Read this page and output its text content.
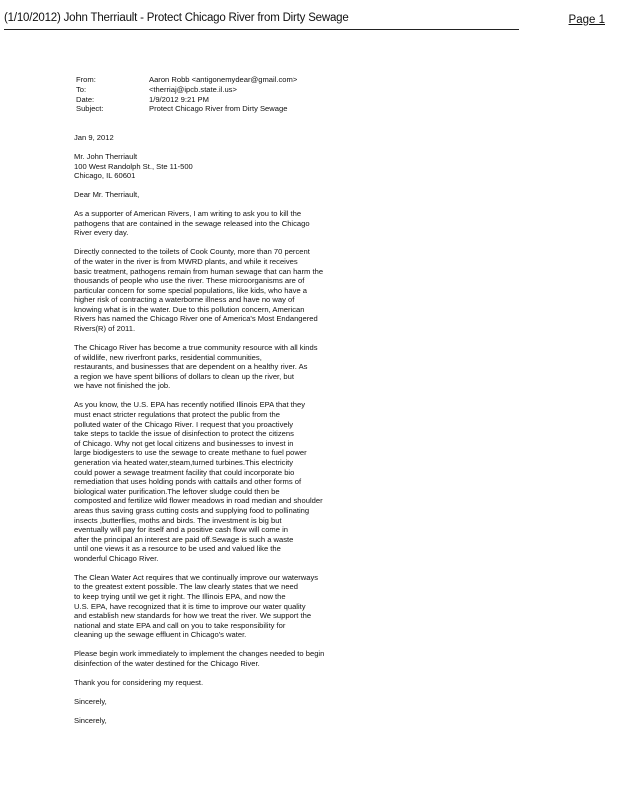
(1/10/2012) John Therriault - Protect Chicago River from Dirty Sewage	Page 1
From:	Aaron Robb <antigonemydear@gmail.com>
To:	<therriaj@ipcb.state.il.us>
Date:	1/9/2012 9:21 PM
Subject:	Protect Chicago River from Dirty Sewage

Jan 9, 2012

Mr. John Therriault
100 West Randolph St., Ste 11-500
Chicago, IL 60601

Dear Mr. Therriault,

As a supporter of American Rivers, I am writing to ask you to kill the
pathogens that are contained in the sewage released into the Chicago
River every day.

Directly connected to the toilets of Cook County, more than 70 percent
of the water in the river is from MWRD plants, and while it receives
basic treatment, pathogens remain from human sewage that can harm the
thousands of people who use the river. These microorganisms are of
particular concern for some special populations, like kids, who have a
higher risk of contracting a waterborne illness and have no way of
knowing what is in the water. Due to this pollution concern, American
Rivers has named the Chicago River one of America's Most Endangered
Rivers(R) of 2011.

The Chicago River has become a true community resource with all kinds
of wildlife, new riverfront parks, residential communities,
restaurants, and businesses that are dependent on a healthy river. As
a region we have spent billions of dollars to clean up the river, but
we have not finished the job.

As you know, the U.S. EPA has recently notified Illinois EPA that they
must enact stricter regulations that protect the public from the
polluted water of the Chicago River. I request that you proactively
take steps to tackle the issue of disinfection to protect the citizens
of Chicago. Why not get local citizens and businesses to invest in
large biodigesters to use the sewage to create methane to fuel power
generation via heated water,steam,turned turbines.This electricity
could power a sewage treatment facility that could incorporate bio
remediation that uses holding ponds with cattails and other forms of
biological water purification.The leftover sludge could then be
composted and fertilize wild flower meadows in road median and shoulder
areas thus saving grass cutting costs and supplying food to pollinating
insects ,butterflies, moths and birds. The investment is big but
eventually will pay for itself and a positive cash flow will come in
after the principal an interest are paid off.Sewage is such a waste
until one views it as a resource to be used and valued like the
wonderful Chicago River.

The Clean Water Act requires that we continually improve our waterways
to the greatest extent possible. The law clearly states that we need
to keep trying until we get it right. The Illinois EPA, and now the
U.S. EPA, have recognized that it is time to improve our water quality
and establish new standards for how we treat the river. We support the
national and state EPA and call on you to take responsibility for
cleaning up the sewage effluent in Chicago's water.

Please begin work immediately to implement the changes needed to begin
disinfection of the water destined for the Chicago River.

Thank you for considering my request.

Sincerely,

Sincerely,
